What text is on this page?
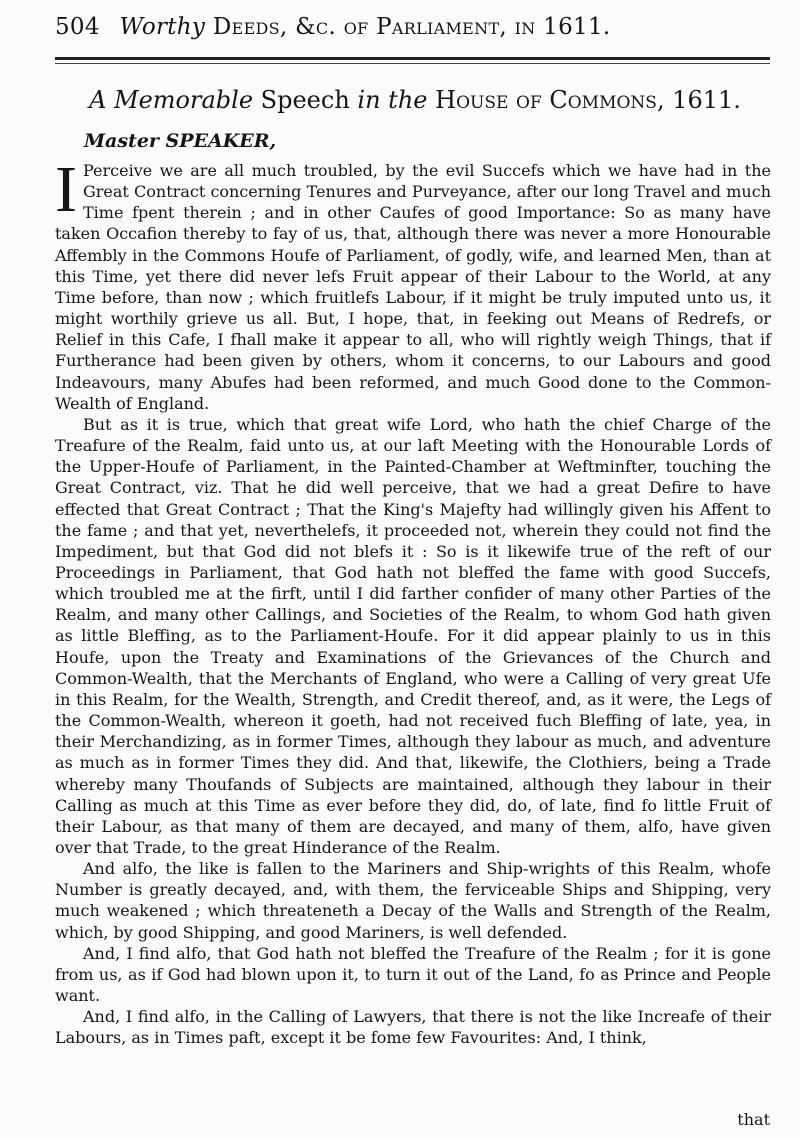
504 Worthy Deeds, &c. of Parliament, in 1611.
A Memorable Speech in the House of Commons, 1611.
Master SPEAKER,

I Perceive we are all much troubled, by the evil Succefs which we have had in the Great Contract concerning Tenures and Purveyance, after our long Travel and much Time fpent therein ; and in other Caufes of good Importance: So as many have taken Occafion thereby to fay of us, that, although there was never a more Honourable Affembly in the Commons Houfe of Parliament, of godly, wife, and learned Men, than at this Time, yet there did never lefs Fruit appear of their Labour to the World, at any Time before, than now ; which fruitlefs Labour, if it might be truly imputed unto us, it might worthily grieve us all. But, I hope, that, in feeking out Means of Redrefs, or Relief in this Cafe, I fhall make it appear to all, who will rightly weigh Things, that if Furtherance had been given by others, whom it concerns, to our Labours and good Indeavours, many Abufes had been reformed, and much Good done to the Common-Wealth of England.

But as it is true, which that great wife Lord, who hath the chief Charge of the Treafure of the Realm, faid unto us, at our laft Meeting with the Honourable Lords of the Upper-Houfe of Parliament, in the Painted-Chamber at Weftminfter, touching the Great Contract, viz. That he did well perceive, that we had a great Defire to have effected that Great Contract ; That the King's Majefty had willingly given his Affent to the fame ; and that yet, neverthelefs, it proceeded not, wherein they could not find the Impediment, but that God did not blefs it : So is it likewife true of the reft of our Proceedings in Parliament, that God hath not bleffed the fame with good Succefs, which troubled me at the firft, until I did farther confider of many other Parties of the Realm, and many other Callings, and Societies of the Realm, to whom God hath given as little Bleffing, as to the Parliament-Houfe. For it did appear plainly to us in this Houfe, upon the Treaty and Examinations of the Grievances of the Church and Common-Wealth, that the Merchants of England, who were a Calling of very great Ufe in this Realm, for the Wealth, Strength, and Credit thereof, and, as it were, the Legs of the Common-Wealth, whereon it goeth, had not received fuch Bleffing of late, yea, in their Merchandizing, as in former Times, although they labour as much, and adventure as much as in former Times they did. And that, likewife, the Clothiers, being a Trade whereby many Thoufands of Subjects are maintained, although they labour in their Calling as much at this Time as ever before they did, do, of late, find fo little Fruit of their Labour, as that many of them are decayed, and many of them, alfo, have given over that Trade, to the great Hinderance of the Realm.

And alfo, the like is fallen to the Mariners and Ship-wrights of this Realm, whofe Number is greatly decayed, and, with them, the ferviceable Ships and Shipping, very much weakened ; which threateneth a Decay of the Walls and Strength of the Realm, which, by good Shipping, and good Mariners, is well defended.

And, I find alfo, that God hath not bleffed the Treafure of the Realm ; for it is gone from us, as if God had blown upon it, to turn it out of the Land, fo as Prince and People want.

And, I find alfo, in the Calling of Lawyers, that there is not the like Increafe of their Labours, as in Times paft, except it be fome few Favourites: And, I think,

that
